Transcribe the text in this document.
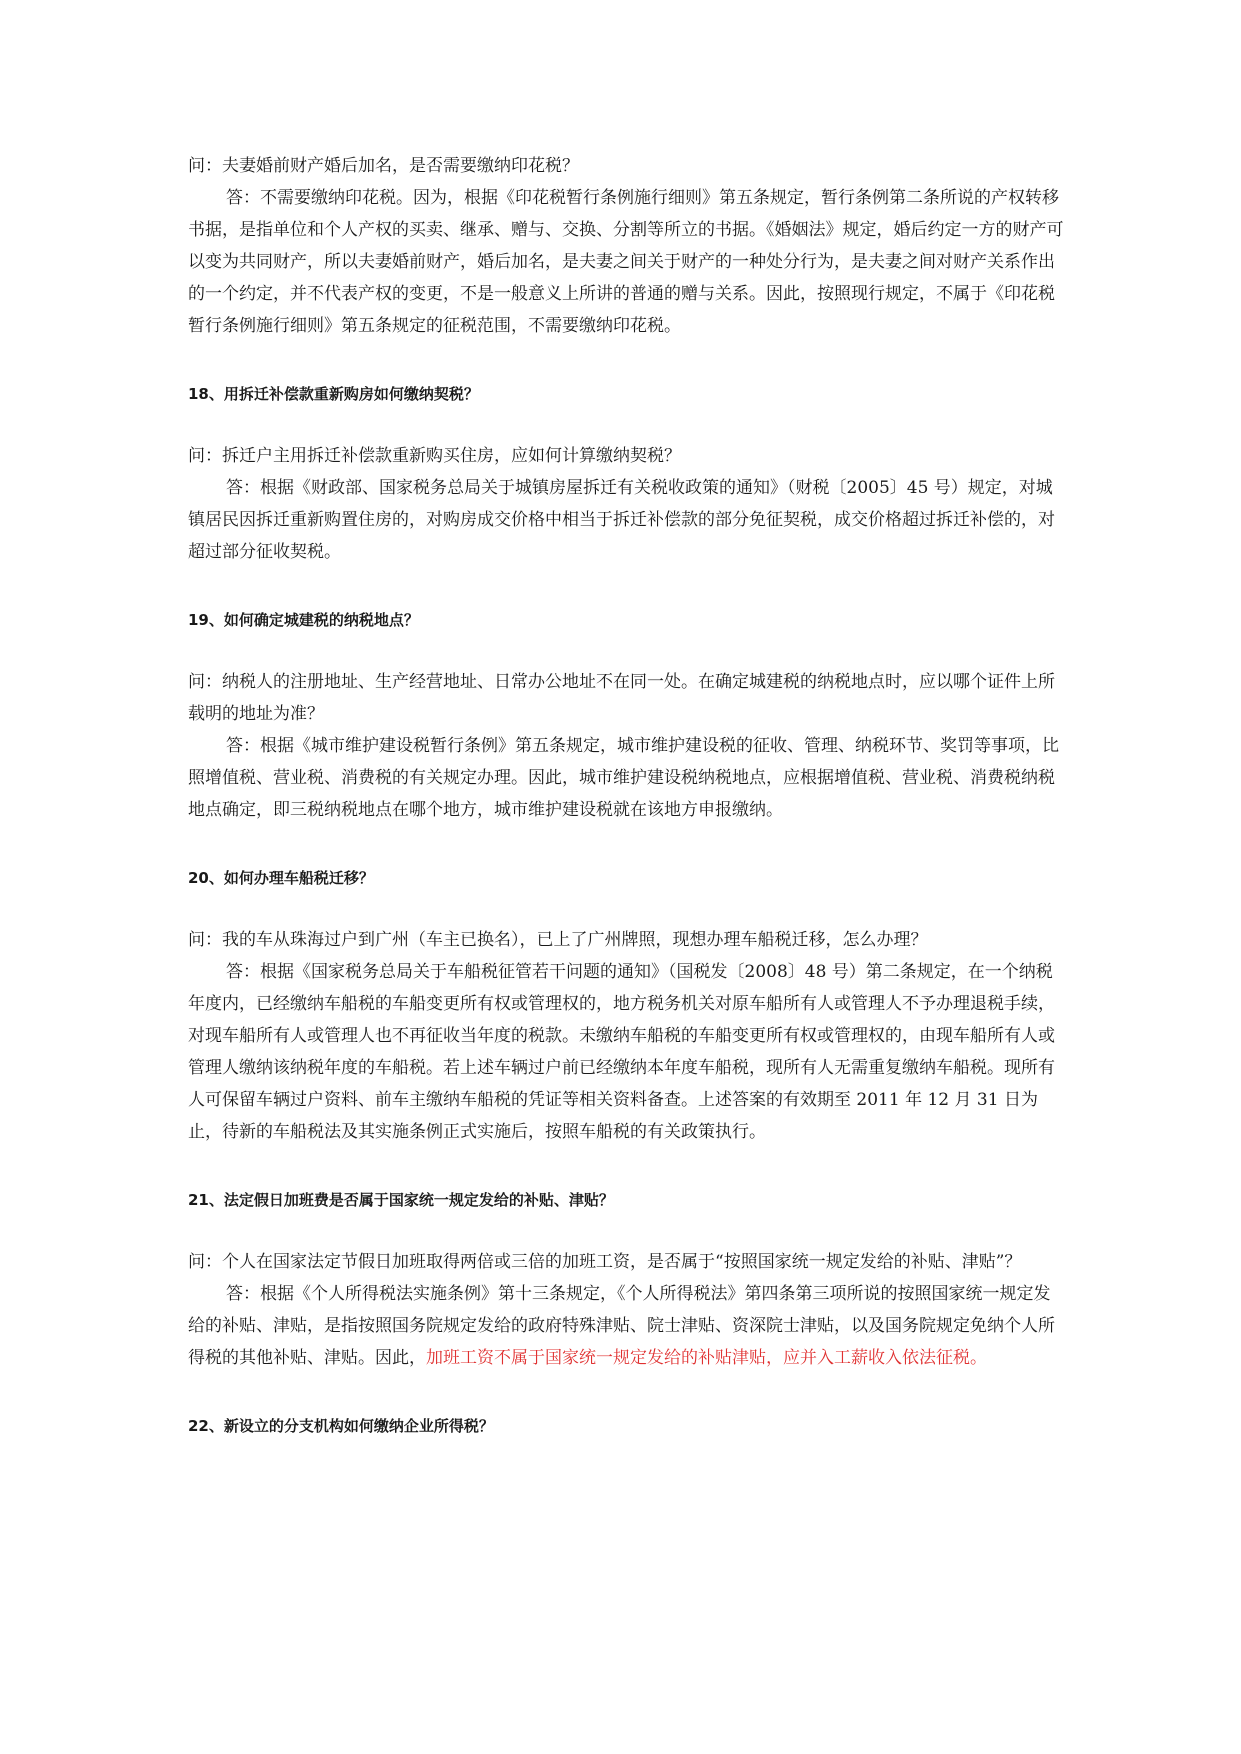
问：夫妻婚前财产婚后加名，是否需要缴纳印花税？

答：不需要缴纳印花税。因为，根据《印花税暂行条例施行细则》第五条规定，暂行条例第二条所说的产权转移书据，是指单位和个人产权的买卖、继承、赠与、交换、分割等所立的书据。《婚姻法》规定，婚后约定一方的财产可以变为共同财产，所以夫妻婚前财产，婚后加名，是夫妻之间关于财产的一种处分行为，是夫妻之间对财产关系作出的一个约定，并不代表产权的变更，不是一般意义上所讲的普通的赠与关系。因此，按照现行规定，不属于《印花税暂行条例施行细则》第五条规定的征税范围，不需要缴纳印花税。

18、用拆迁补偿款重新购房如何缴纳契税？

问：拆迁户主用拆迁补偿款重新购买住房，应如何计算缴纳契税？

答：根据《财政部、国家税务总局关于城镇房屋拆迁有关税收政策的通知》（财税〔2005〕45 号）规定，对城镇居民因拆迁重新购置住房的，对购房成交价格中相当于拆迁补偿款的部分免征契税，成交价格超过拆迁补偿的，对超过部分征收契税。

19、如何确定城建税的纳税地点？

问：纳税人的注册地址、生产经营地址、日常办公地址不在同一处。在确定城建税的纳税地点时，应以哪个证件上所载明的地址为准？

答：根据《城市维护建设税暂行条例》第五条规定，城市维护建设税的征收、管理、纳税环节、奖罚等事项，比照增值税、营业税、消费税的有关规定办理。因此，城市维护建设税纳税地点，应根据增值税、营业税、消费税纳税地点确定，即三税纳税地点在哪个地方，城市维护建设税就在该地方申报缴纳。

20、如何办理车船税迁移？

问：我的车从珠海过户到广州（车主已换名），已上了广州牌照，现想办理车船税迁移，怎么办理？

答：根据《国家税务总局关于车船税征管若干问题的通知》（国税发〔2008〕48 号）第二条规定，在一个纳税年度内，已经缴纳车船税的车船变更所有权或管理权的，地方税务机关对原车船所有人或管理人不予办理退税手续，对现车船所有人或管理人也不再征收当年度的税款。未缴纳车船税的车船变更所有权或管理权的，由现车船所有人或管理人缴纳该纳税年度的车船税。若上述车辆过户前已经缴纳本年度车船税，现所有人无需重复缴纳车船税。现所有人可保留车辆过户资料、前车主缴纳车船税的凭证等相关资料备查。上述答案的有效期至 2011 年 12 月 31 日为止，待新的车船税法及其实施条例正式实施后，按照车船税的有关政策执行。

21、法定假日加班费是否属于国家统一规定发给的补贴、津贴？

问：个人在国家法定节假日加班取得两倍或三倍的加班工资，是否属于“按照国家统一规定发给的补贴、津贴”？

答：根据《个人所得税法实施条例》第十三条规定，《个人所得税法》第四条第三项所说的按照国家统一规定发给的补贴、津贴，是指按照国务院规定发给的政府特殊津贴、院士津贴、资深院士津贴，以及国务院规定免纳个人所得税的其他补贴、津贴。因此，加班工资不属于国家统一规定发给的补贴津贴，应并入工薪收入依法征税。

22、新设立的分支机构如何缴纳企业所得税？
